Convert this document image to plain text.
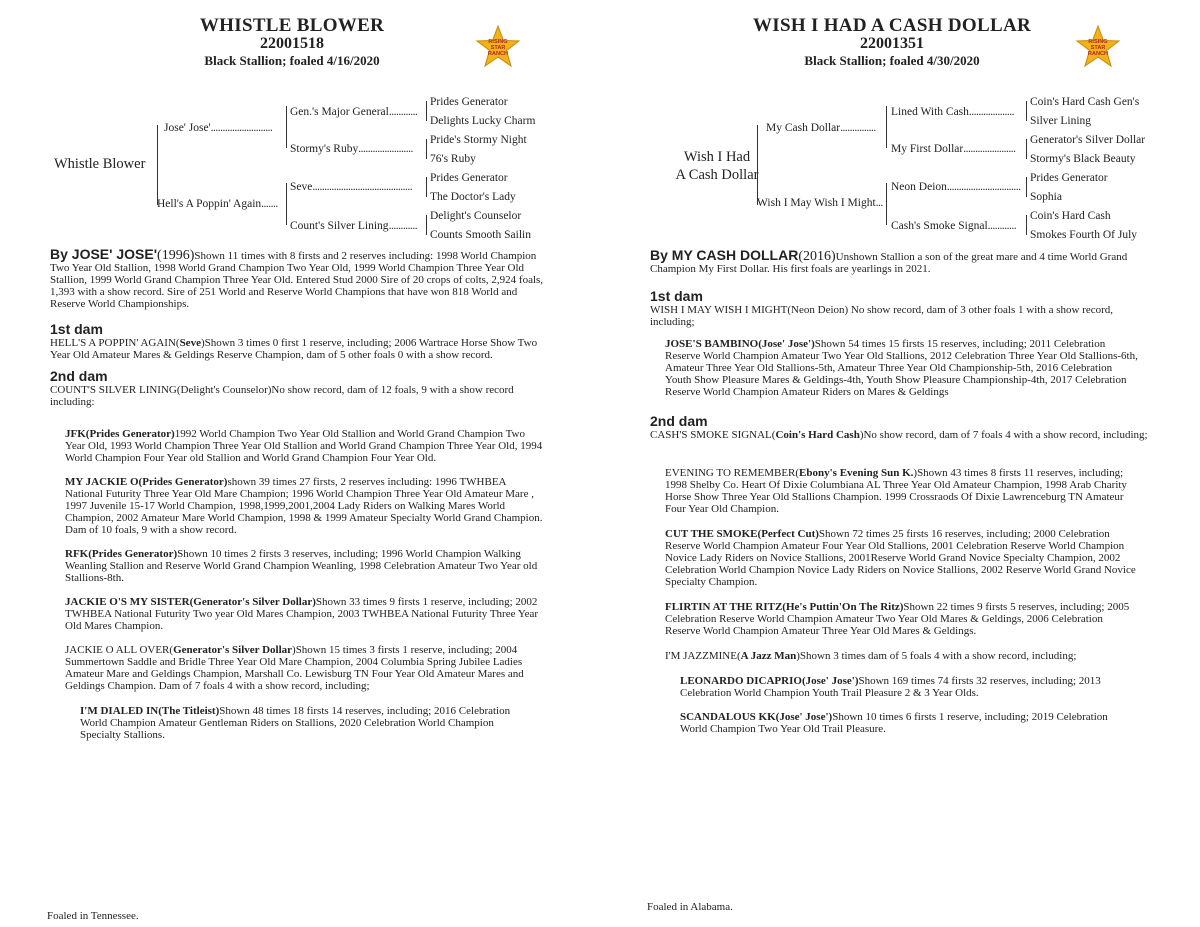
WHISTLE BLOWER
22001518
Black Stallion; foaled 4/16/2020
RISING
STAR
RANCH
Whistle Blower
Jose' Jose'..........................
Hell's A Poppin' Again.......
Gen.'s Major General............
Stormy's Ruby.......................
Seve..........................................
Count's Silver Lining............
Prides Generator
Delights Lucky Charm
Pride's Stormy Night
76's Ruby
Prides Generator
The Doctor's Lady
Delight's Counselor
Counts Smooth Sailin

By JOSE' JOSE'(1996)Shown 11 times with 8 firsts and 2 reserves including: 1998 World Champion Two Year Old Stallion, 1998 World Grand Champion Two Year Old, 1999 World Champion Three Year Old Stallion, 1999 World Grand Champion Three Year Old. Entered Stud 2000 Sire of 20 crops of colts, 2,924 foals, 1,393 with a show record. Sire of 251 World and Reserve World Champions that have won 818 World and Reserve World Championships.

1st dam

HELL'S A POPPIN' AGAIN(Seve)Shown 3 times 0 first 1 reserve, including; 2006 Wartrace Horse Show Two Year Old Amateur Mares & Geldings Reserve Champion, dam of 5 other foals 0 with a show record.

2nd dam

COUNT'S SILVER LINING(Delight's Counselor)No show record, dam of 12 foals, 9 with a show record including:

JFK(Prides Generator)1992 World Champion Two Year Old Stallion and World Grand Champion Two Year Old, 1993 World Champion Three Year Old Stallion and World Grand Champion Three Year Old, 1994 World Champion Four Year old Stallion and World Grand Champion Four Year Old.

MY JACKIE O(Prides Generator)shown 39 times 27 firsts, 2 reserves including: 1996 TWHBEA National Futurity Three Year Old Mare Champion; 1996 World Champion Three Year Old Amateur Mare , 1997 Juvenile 15-17 World Champion, 1998,1999,2001,2004 Lady Riders on Walking Mares World Champion, 2002 Amateur Mare World Champion, 1998 & 1999 Amateur Specialty World Grand Champion. Dam of 10 foals, 9 with a show record.

RFK(Prides Generator)Shown 10 times 2 firsts 3 reserves, including; 1996 World Champion Walking Weanling Stallion and Reserve World Grand Champion Weanling, 1998 Celebration Amateur Two Year old Stallions-8th.

JACKIE O'S MY SISTER(Generator's Silver Dollar)Shown 33 times 9 firsts 1 reserve, including; 2002 TWHBEA National Futurity Two year Old Mares Champion, 2003 TWHBEA National Futurity Three Year Old Mares Champion.

JACKIE O ALL OVER(Generator's Silver Dollar)Shown 15 times 3 firsts 1 reserve, including; 2004 Summertown Saddle and Bridle Three Year Old Mare Champion, 2004 Columbia Spring Jubilee Ladies Amateur Mare and Geldings Champion, Marshall Co. Lewisburg TN Four Year Old Amateur Mares and Geldings Champion. Dam of 7 foals 4 with a show record, including;

I'M DIALED IN(The Titleist)Shown 48 times 18 firsts 14 reserves, including; 2016 Celebration World Champion Amateur Gentleman Riders on Stallions, 2020 Celebration World Champion Specialty Stallions.

Foaled in Tennessee.
WISH I HAD A CASH DOLLAR
22001351
Black Stallion; foaled 4/30/2020
RISING
STAR
RANCH
Wish I Had
A Cash Dollar
My Cash Dollar...............
Wish I May Wish I Might...
Lined With Cash...................
My First Dollar......................
Neon Deion...............................
Cash's Smoke Signal............
Coin's Hard Cash Gen's
Silver Lining
Generator's Silver Dollar
Stormy's Black Beauty
Prides Generator
Sophia
Coin's Hard Cash
Smokes Fourth Of July

By MY CASH DOLLAR(2016)Unshown Stallion a son of the great mare and 4 time World Grand Champion My First Dollar. His first foals are yearlings in 2021.

1st dam

WISH I MAY WISH I MIGHT(Neon Deion) No show record, dam of 3 other foals 1 with a show record, including;

JOSE'S BAMBINO(Jose' Jose')Shown 54 times 15 firsts 15 reserves, including; 2011 Celebration Reserve World Champion Amateur Two Year Old Stallions, 2012 Celebration Three Year Old Stallions-6th, Amateur Three Year Old Stallions-5th, Amateur Three Year Old Championship-5th, 2016 Celebration Youth Show Pleasure Mares & Geldings-4th, Youth Show Pleasure Championship-4th, 2017 Celebration Reserve World Champion Amateur Riders on Mares & Geldings

2nd dam

CASH'S SMOKE SIGNAL(Coin's Hard Cash)No show record, dam of 7 foals 4 with a show record, including;

EVENING TO REMEMBER(Ebony's Evening Sun K.)Shown 43 times 8 firsts 11 reserves, including; 1998 Shelby Co. Heart Of Dixie Columbiana AL Three Year Old Amateur Champion, 1998 Arab Charity Horse Show Three Year Old Stallions Champion. 1999 Crossraods Of Dixie Lawrenceburg TN Amateur Four Year Old Champion.

CUT THE SMOKE(Perfect Cut)Shown 72 times 25 firsts 16 reserves, including; 2000 Celebration Reserve World Champion Amateur Four Year Old Stallions, 2001 Celebration Reserve World Champion Novice Lady Riders on Novice Stallions, 2001Reserve World Grand Novice Specialty Champion, 2002 Celebration World Champion Novice Lady Riders on Novice Stallions, 2002 Reserve World Grand Novice Specialty Champion.

FLIRTIN AT THE RITZ(He's Puttin'On The Ritz)Shown 22 times 9 firsts 5 reserves, including; 2005 Celebration Reserve World Champion Amateur Two Year Old Mares & Geldings, 2006 Celebration Reserve World Champion Amateur Three Year Old Mares & Geldings.

I'M JAZZMINE(A Jazz Man)Shown 3 times dam of 5 foals 4 with a show record, including;

LEONARDO DICAPRIO(Jose' Jose')Shown 169 times 74 firsts 32 reserves, including; 2013 Celebration World Champion Youth Trail Pleasure 2 & 3 Year Olds.

SCANDALOUS KK(Jose' Jose')Shown 10 times 6 firsts 1 reserve, including; 2019 Celebration World Champion Two Year Old Trail Pleasure.

Foaled in Alabama.
